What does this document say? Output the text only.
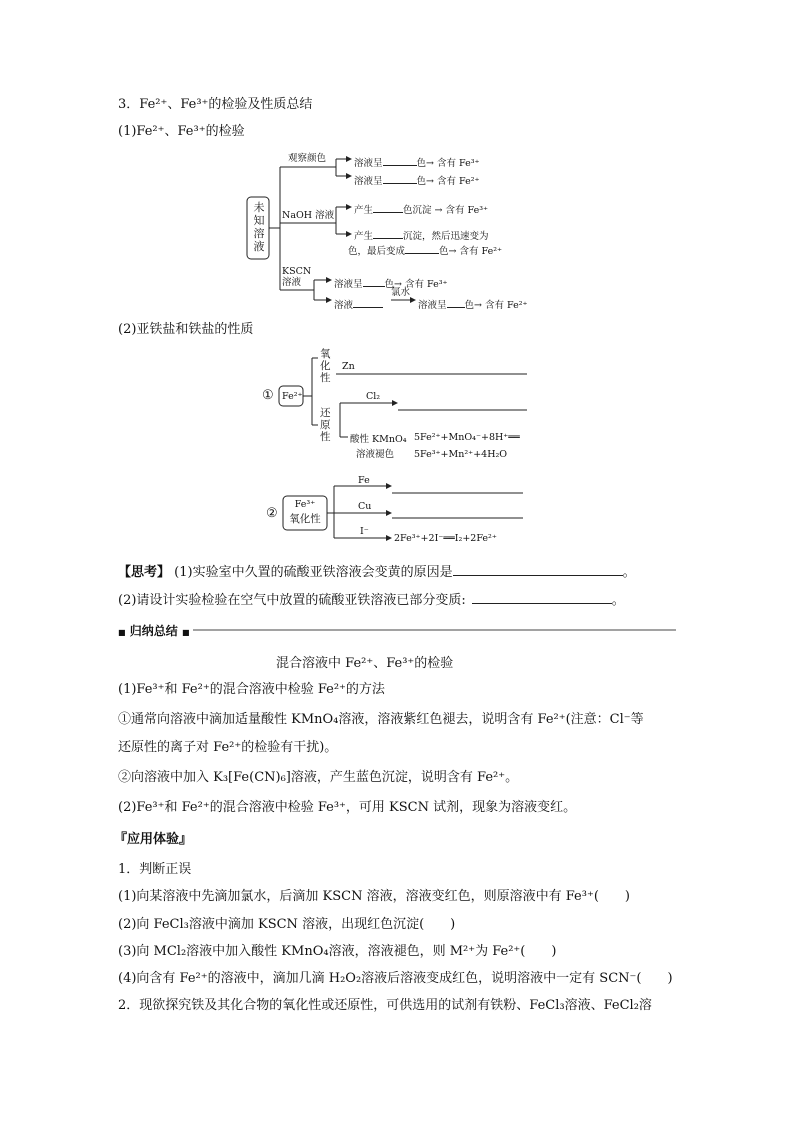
3．Fe²⁺、Fe³⁺的检验及性质总结
(1)Fe²⁺、Fe³⁺的检验
未知溶液
观察颜色
NaOH 溶液
KSCN 溶液
溶液呈	色→ 含有 Fe³⁺
溶液呈	色→ 含有 Fe²⁺
产生	色沉淀 → 含有 Fe³⁺
产生	沉淀，然后迅速变为
色，最后变成	色→ 含有 Fe²⁺
溶液呈 色→ 含有 Fe³⁺
溶液
氯水
溶液呈 色→ 含有 Fe²⁺
(2)亚铁盐和铁盐的性质
① Fe²⁺
氧化性
还原性
Zn
Cl₂
酸性 KMnO₄
溶液褪色
5Fe²⁺+MnO₄⁻+8H⁺══
5Fe³⁺+Mn²⁺+4H₂O
②
Fe³⁺
氧化性
Fe
Cu
I⁻
2Fe³⁺+2I⁻══I₂+2Fe²⁺
【思考】 (1)实验室中久置的硫酸亚铁溶液会变黄的原因是	。
(2)请设计实验检验在空气中放置的硫酸亚铁溶液已部分变质:	。
■ 归纳总结 ■
混合溶液中 Fe²⁺、Fe³⁺的检验
(1)Fe³⁺和 Fe²⁺的混合溶液中检验 Fe²⁺的方法
①通常向溶液中滴加适量酸性 KMnO₄溶液，溶液紫红色褪去，说明含有 Fe²⁺(注意：Cl⁻等
还原性的离子对 Fe²⁺的检验有干扰)。
②向溶液中加入 K₃[Fe(CN)₆]溶液，产生蓝色沉淀，说明含有 Fe²⁺。
(2)Fe³⁺和 Fe²⁺的混合溶液中检验 Fe³⁺，可用 KSCN 试剂，现象为溶液变红。
『应用体验』
1．判断正误
(1)向某溶液中先滴加氯水，后滴加 KSCN 溶液，溶液变红色，则原溶液中有 Fe³⁺(　　)
(2)向 FeCl₃溶液中滴加 KSCN 溶液，出现红色沉淀(　　)
(3)向 MCl₂溶液中加入酸性 KMnO₄溶液，溶液褪色，则 M²⁺为 Fe²⁺(　　)
(4)向含有 Fe²⁺的溶液中，滴加几滴 H₂O₂溶液后溶液变成红色，说明溶液中一定有 SCN⁻(　　)
2．现欲探究铁及其化合物的氧化性或还原性，可供选用的试剂有铁粉、FeCl₃溶液、FeCl₂溶
